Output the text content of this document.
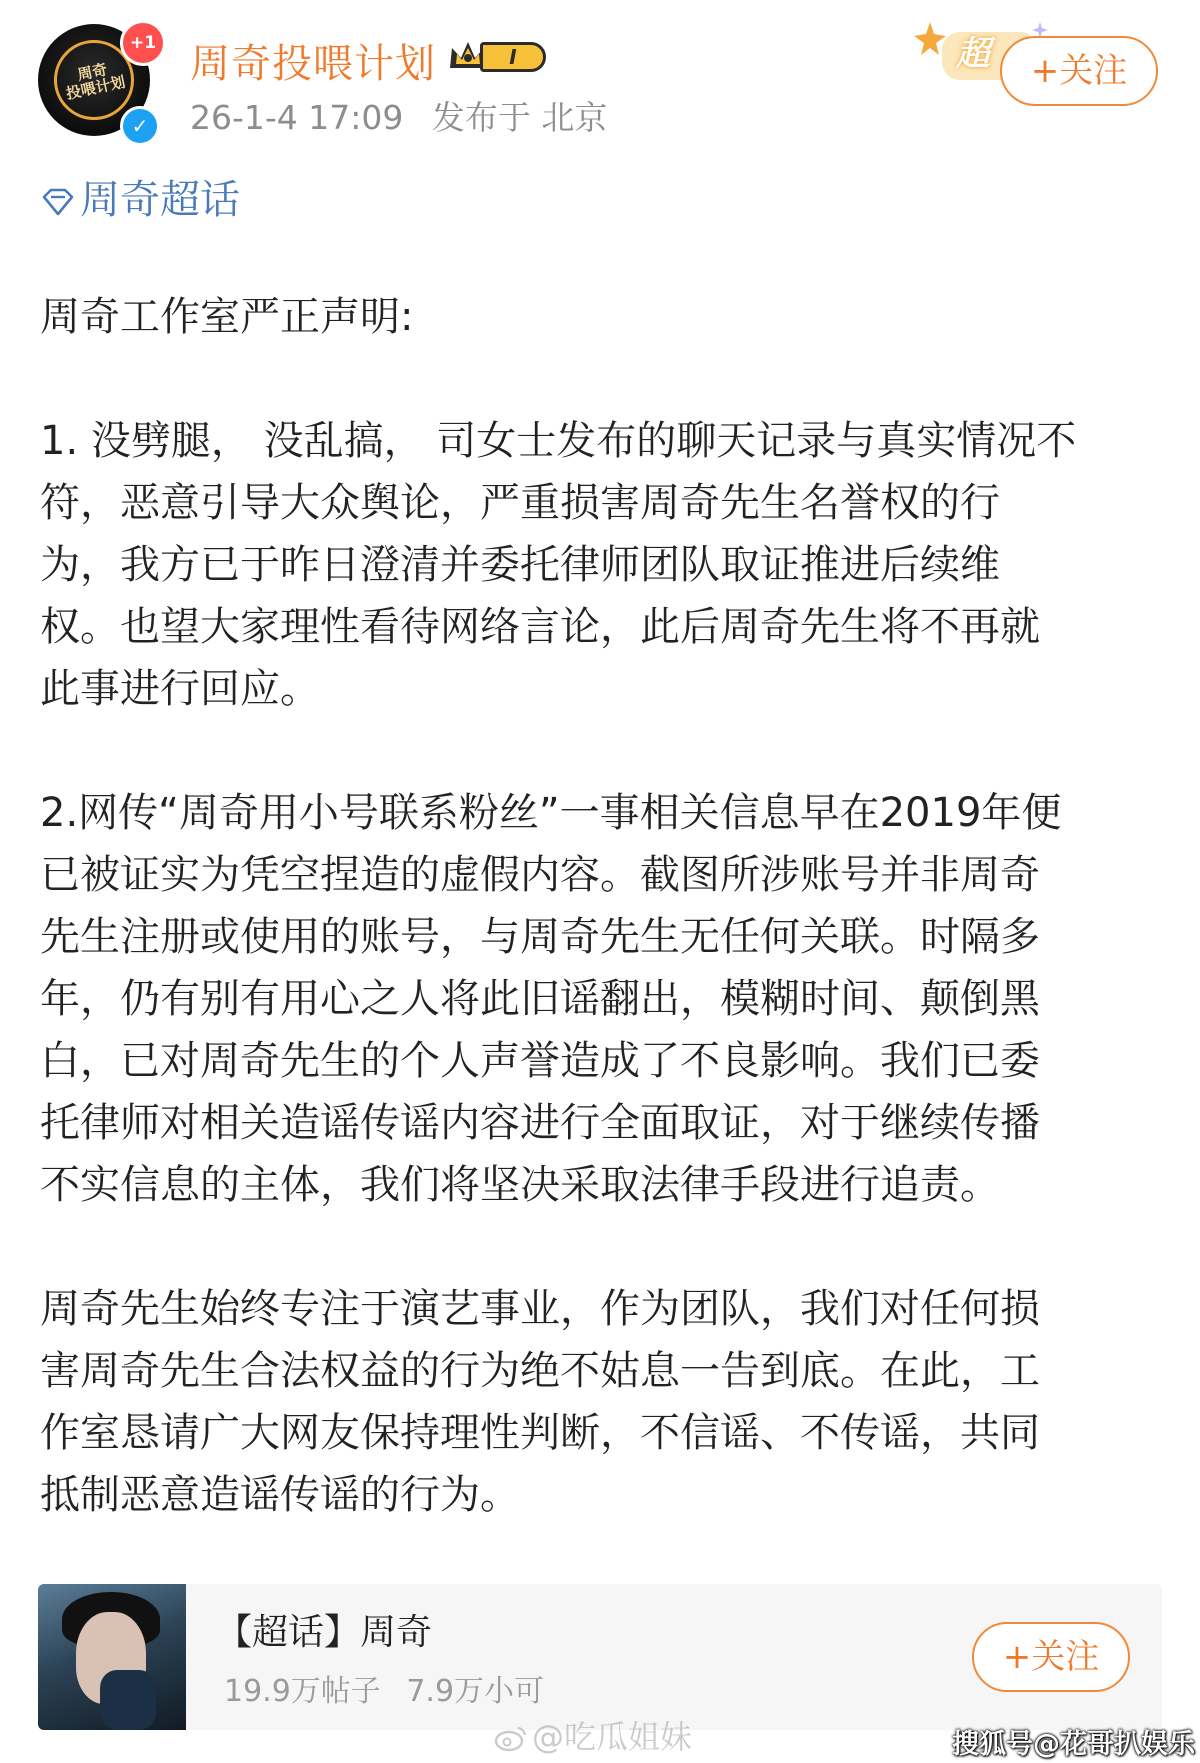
周奇
投喂计划
+1
✓
周奇投喂计划	I
26-1-4 17:09 发布于 北京
超	+关注
周奇超话

周奇工作室严正声明:

1. 没劈腿， 没乱搞， 司女士发布的聊天记录与真实情况不
符，恶意引导大众舆论，严重损害周奇先生名誉权的行
为，我方已于昨日澄清并委托律师团队取证推进后续维
权。也望大家理性看待网络言论，此后周奇先生将不再就
此事进行回应。

2.网传“周奇用小号联系粉丝”一事相关信息早在2019年便
已被证实为凭空捏造的虚假内容。截图所涉账号并非周奇
先生注册或使用的账号，与周奇先生无任何关联。时隔多
年，仍有别有用心之人将此旧谣翻出，模糊时间、颠倒黑
白，已对周奇先生的个人声誉造成了不良影响。我们已委
托律师对相关造谣传谣内容进行全面取证，对于继续传播
不实信息的主体，我们将坚决采取法律手段进行追责。

周奇先生始终专注于演艺事业，作为团队，我们对任何损
害周奇先生合法权益的行为绝不姑息一告到底。在此，工
作室恳请广大网友保持理性判断，不信谣、不传谣，共同
抵制恶意造谣传谣的行为。

【超话】周奇
19.9万帖子 7.9万小可
+关注
@吃瓜姐妹	搜狐号@花哥扒娱乐
